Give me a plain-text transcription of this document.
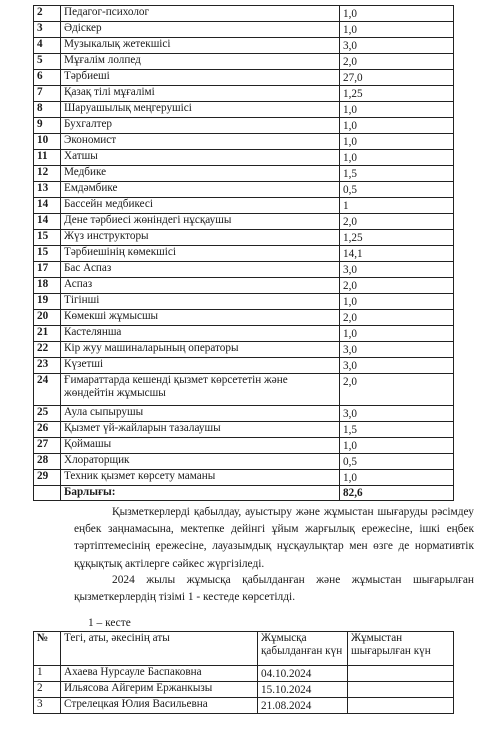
2	Педагог-психолог	1,0
3	Әдіскер	1,0
4	Музыкалық жетекшісі	3,0
5	Мұғалім лолпед	2,0
6	Тәрбиеші	27,0
7	Қазақ тілі мұғалімі	1,25
8	Шаруашылық меңгерушісі	1,0
9	Бухгалтер	1,0
10	Экономист	1,0
11	Хатшы	1,0
12	Медбике	1,5
13	Емдәмбике	0,5
14	Бассейн медбикесі	1
14	Дене тәрбиесі жөніндегі нұсқаушы	2,0
15	Жүз инструкторы	1,25
15	Тәрбиешінің көмекшісі	14,1
17	Бас Аспаз	3,0
18	Аспаз	2,0
19	Тігінші	1,0
20	Көмекші жұмысшы	2,0
21	Кастелянша	1,0
22	Кір жуу машиналарының операторы	3,0
23	Күзетші	3,0
24	Ғимараттарда кешенді қызмет көрсететін және жөндейтін жұмысшы	2,0
25	Аула сыпырушы	3,0
26	Қызмет үй-жайларын тазалаушы	1,5
27	Қоймашы	1,0
28	Хлораторщик	0,5
29	Техник қызмет көрсету маманы	1,0
	Барлығы:	82,6

Қызметкерлерді қабылдау, ауыстыру және жұмыстан шығаруды рәсімдеу еңбек заңнамасына, мектепке дейінгі ұйым жарғылық ережесіне, ішкі еңбек тәртіптемесінің ережесіне, лауазымдық нұсқаулықтар мен өзге де нормативтік құқықтық актілерге сәйкес жүргізіледі.

2024 жылы жұмысқа қабылданған және жұмыстан шығарылған қызметкерлердің тізімі 1 - кестеде көрсетілді.

1 – кесте
№	Тегі, аты, әкесінің аты	Жұмысқа қабылданған күн	Жұмыстан шығарылған күн
1	Ахаева Нурсауле Баспаковна	04.10.2024	
2	Ильясова Айгерим Ержанкызы	15.10.2024	
3	Стрелецкая Юлия Васильевна	21.08.2024	
